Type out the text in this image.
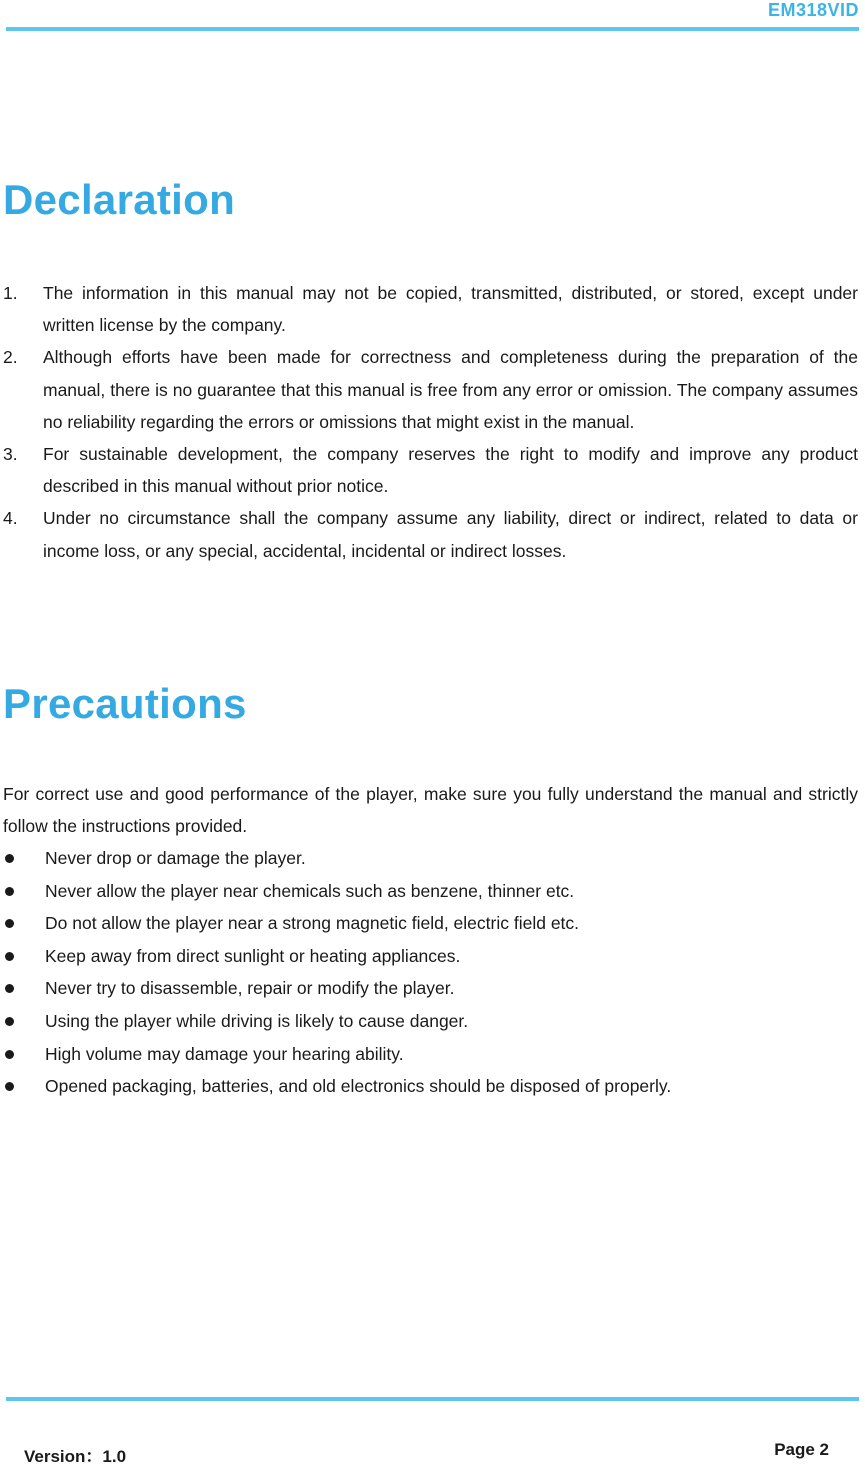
EM318VID
Declaration
1. The information in this manual may not be copied, transmitted, distributed, or stored, except under written license by the company.
2. Although efforts have been made for correctness and completeness during the preparation of the manual, there is no guarantee that this manual is free from any error or omission. The company assumes no reliability regarding the errors or omissions that might exist in the manual.
3. For sustainable development, the company reserves the right to modify and improve any product described in this manual without prior notice.
4. Under no circumstance shall the company assume any liability, direct or indirect, related to data or income loss, or any special, accidental, incidental or indirect losses.
Precautions

For correct use and good performance of the player, make sure you fully understand the manual and strictly follow the instructions provided.

Never drop or damage the player.
Never allow the player near chemicals such as benzene, thinner etc.
Do not allow the player near a strong magnetic field, electric field etc.
Keep away from direct sunlight or heating appliances.
Never try to disassemble, repair or modify the player.
Using the player while driving is likely to cause danger.
High volume may damage your hearing ability.
Opened packaging, batteries, and old electronics should be disposed of properly.
Version：1.0	Page 2
